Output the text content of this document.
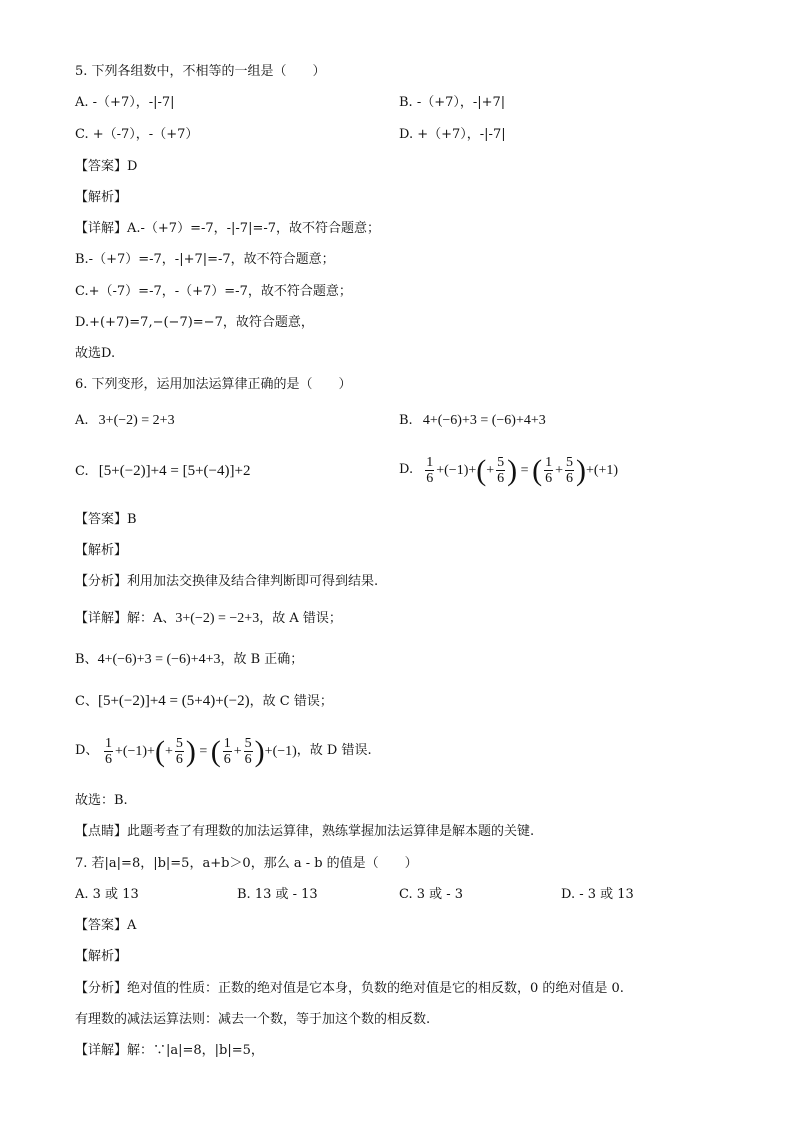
5. 下列各组数中，不相等的一组是（　　）
A. -（+7），-|-7|	B. -（+7），-|+7|
C. +（-7），-（+7）	D. +（+7），-|-7|
【答案】D
【解析】
【详解】A.-（+7）=-7，-|-7|=-7，故不符合题意；
B.-（+7）=-7，-|+7|=-7，故不符合题意；
C.+（-7）=-7，-（+7）=-7，故不符合题意；
D.+(+7)=7,−(−7)=−7，故符合题意，
故选D.
6. 下列变形，运用加法运算律正确的是（　　）
A. 3+(−2) = 2+3	B. 4+(−6)+3 = (−6)+4+3
C. [5+(−2)]+4 = [5+(−4)]+2	D. $\frac{1}{6} +(-1)+(+ \frac{5}{6}$ ) = ( $\frac{1}{6} + \frac{5}{6} )+(+1)$
【答案】B
【解析】
【分析】利用加法交换律及结合律判断即可得到结果.
【详解】解：A、3+(−2) = −2+3，故 A 错误；
B、4+(−6)+3 = (−6)+4+3，故 B 正确；
C、[5+(−2)]+4 = (5+4)+(−2)，故 C 错误；
D、 $\frac{1}{6} +(-1)+(+ \frac{5}{6}$ ) = ( $\frac{1}{6} + \frac{5}{6} )+(-1)$，故 D 错误.
故选：B.
【点睛】此题考查了有理数的加法运算律，熟练掌握加法运算律是解本题的关键.
7. 若|a|=8，|b|=5，a+b＞0，那么 a - b 的值是（　　）
A. 3 或 13	B. 13 或 - 13	C. 3 或 - 3	D. - 3 或 13
【答案】A
【解析】
【分析】绝对值的性质：正数的绝对值是它本身，负数的绝对值是它的相反数，0 的绝对值是 0.
有理数的减法运算法则：减去一个数，等于加这个数的相反数.
【详解】解：∵|a|=8，|b|=5，
